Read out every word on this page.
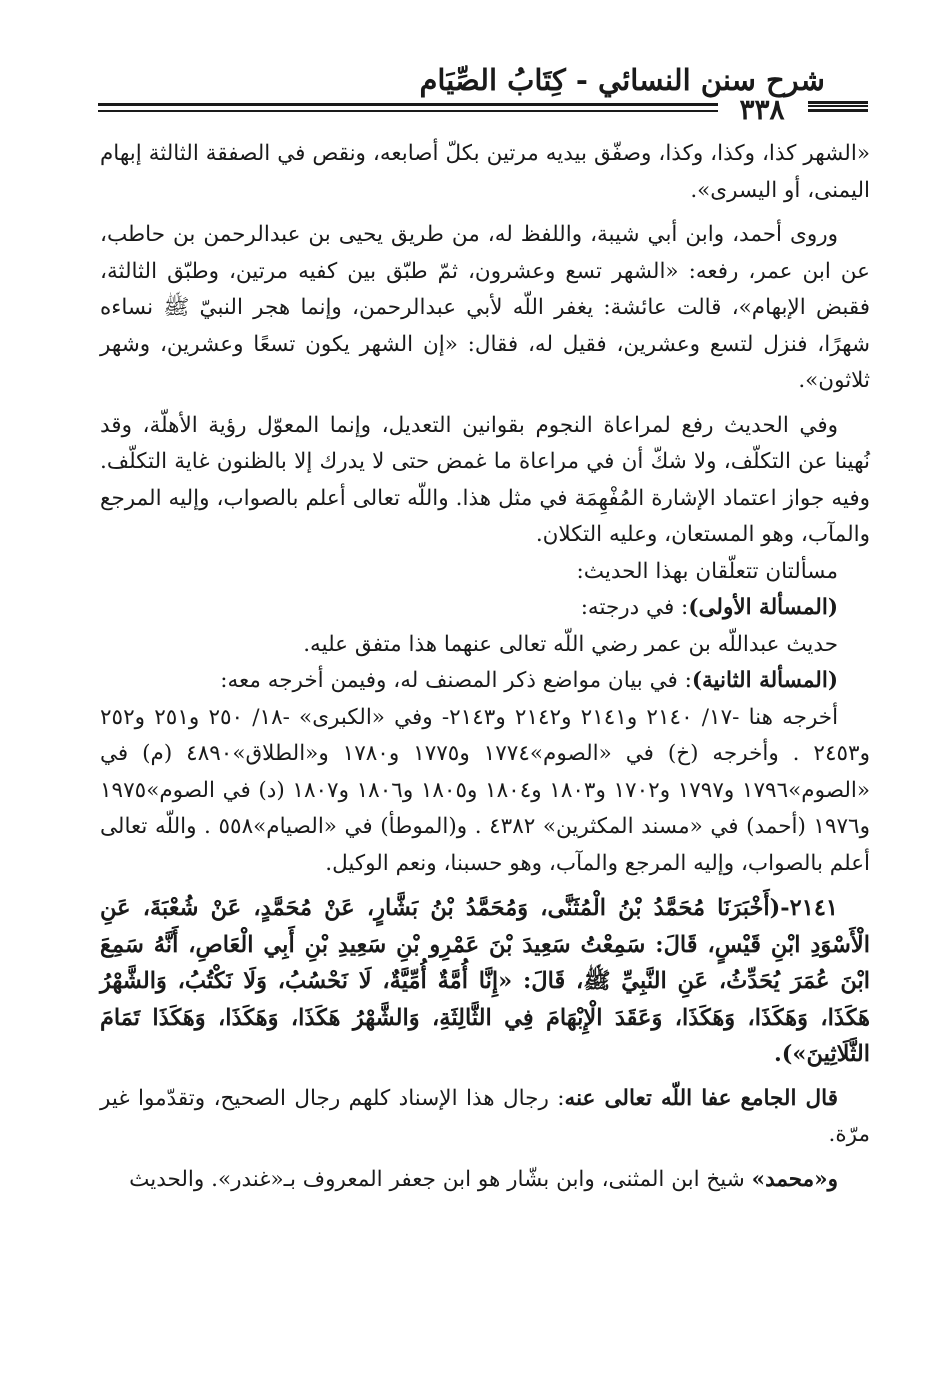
شرح سنن النسائي - كِتَابُ الصِّيَام
٣٣٨

«الشهر كذا، وكذا، وكذا، وصفّق بيديه مرتين بكلّ أصابعه، ونقص في الصفقة الثالثة إبهام اليمنى، أو اليسرى».

وروى أحمد، وابن أبي شيبة، واللفظ له، من طريق يحيى بن عبدالرحمن بن حاطب، عن ابن عمر، رفعه: «الشهر تسع وعشرون، ثمّ طبّق بين كفيه مرتين، وطبّق الثالثة، فقبض الإبهام»، قالت عائشة: يغفر اللّه لأبي عبدالرحمن، وإنما هجر النبيّ ﷺ نساءه شهرًا، فنزل لتسع وعشرين، فقيل له، فقال: «إن الشهر يكون تسعًا وعشرين، وشهر ثلاثون».

وفي الحديث رفع لمراعاة النجوم بقوانين التعديل، وإنما المعوّل رؤية الأهلّة، وقد نُهينا عن التكلّف، ولا شكّ أن في مراعاة ما غمض حتى لا يدرك إلا بالظنون غاية التكلّف. وفيه جواز اعتماد الإشارة المُفْهِمَة في مثل هذا. واللّه تعالى أعلم بالصواب، وإليه المرجع والمآب، وهو المستعان، وعليه التكلان.

مسألتان تتعلّقان بهذا الحديث:

(المسألة الأولى): في درجته:

حديث عبداللّه بن عمر رضي اللّه تعالى عنهما هذا متفق عليه.

(المسألة الثانية): في بيان مواضع ذكر المصنف له، وفيمن أخرجه معه:

أخرجه هنا -١٧/ ٢١٤٠ و٢١٤١ و٢١٤٢ و٢١٤٣- وفي «الكبرى» -١٨/ ٢٥٠ و٢٥١ و٢٥٢ و٢٤٥٣ . وأخرجه (خ) في «الصوم»١٧٧٤ و١٧٧٥ و١٧٨٠ و«الطلاق»٤٨٩٠ (م) في «الصوم»١٧٩٦ و١٧٩٧ و١٧٠٢ و١٨٠٣ و١٨٠٤ و١٨٠٥ و١٨٠٦ و١٨٠٧ (د) في الصوم»١٩٧٥ و١٩٧٦ (أحمد) في «مسند المكثرين» ٤٣٨٢ . و(الموطأ) في «الصيام»٥٥٨ . واللّه تعالى أعلم بالصواب، وإليه المرجع والمآب، وهو حسبنا، ونعم الوكيل.

٢١٤١-(أَخْبَرَنَا مُحَمَّدُ بْنُ الْمُثَنَّى، وَمُحَمَّدُ بْنُ بَشَّارٍ، عَنْ مُحَمَّدٍ، عَنْ شُعْبَةَ، عَنِ الْأَسْوَدِ ابْنِ قَيْسٍ، قَالَ: سَمِعْتُ سَعِيدَ بْنَ عَمْرِو بْنِ سَعِيدِ بْنِ أَبِي الْعَاصِ، أَنَّهُ سَمِعَ ابْنَ عُمَرَ يُحَدِّثُ، عَنِ النَّبِيِّ ﷺ، قَالَ: «إِنَّا أُمَّةٌ أُمِّيَّةٌ، لَا نَحْسُبُ، وَلَا نَكْتُبُ، وَالشَّهْرُ هَكَذَا، وَهَكَذَا، وَهَكَذَا، وَعَقَدَ الْإِبْهَامَ فِي الثَّالِثَةِ، وَالشَّهْرُ هَكَذَا، وَهَكَذَا، وَهَكَذَا تَمَامَ الثَّلَاثِينَ»).

قال الجامع عفا اللّه تعالى عنه: رجال هذا الإسناد كلهم رجال الصحيح، وتقدّموا غير مرّة.

و«محمد» شيخ ابن المثنى، وابن بشّار هو ابن جعفر المعروف بـ«غندر». والحديث
